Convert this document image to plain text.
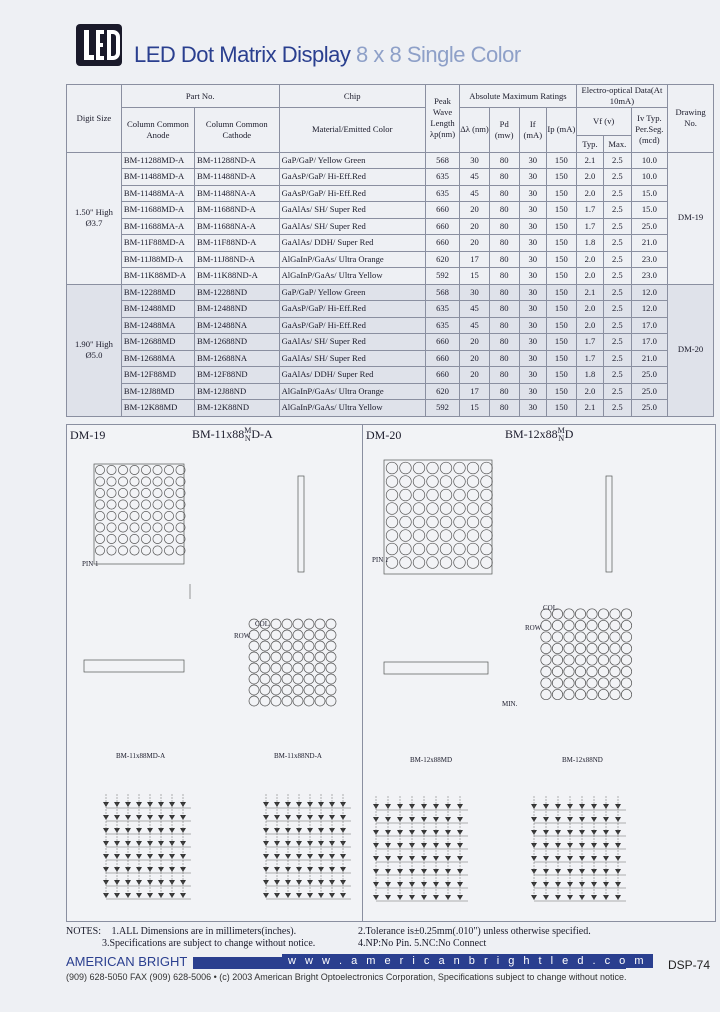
LED Dot Matrix Display 8 x 8 Single Color
Digit Size	Part No.		Chip	Peak Wave Length λp(nm)	Absolute Maximum Ratings				Electro-optical Data(At 10mA)			Drawing No.
	Column Common Anode	Column Common Cathode	Material/Emitted Color		Δλ (nm)	Pd (mw)	If (mA)	Ip (mA)	Vf (v)		Iv Typ. Per.Seg. (mcd)	
									Typ.	Max.		
1.50" High Ø3.7	BM-11288MD-A	BM-11288ND-A	GaP/GaP/ Yellow Green	568	30	80	30	150	2.1	2.5	10.0	DM-19
	BM-11488MD-A	BM-11488ND-A	GaAsP/GaP/ Hi-Eff.Red	635	45	80	30	150	2.0	2.5	10.0	
	BM-11488MA-A	BM-11488NA-A	GaAsP/GaP/ Hi-Eff.Red	635	45	80	30	150	2.0	2.5	15.0	
	BM-11688MD-A	BM-11688ND-A	GaAlAs/ SH/ Super Red	660	20	80	30	150	1.7	2.5	15.0	
	BM-11688MA-A	BM-11688NA-A	GaAlAs/ SH/ Super Red	660	20	80	30	150	1.7	2.5	25.0	
	BM-11F88MD-A	BM-11F88ND-A	GaAlAs/ DDH/ Super Red	660	20	80	30	150	1.8	2.5	21.0	
	BM-11J88MD-A	BM-11J88ND-A	AlGaInP/GaAs/ Ultra Orange	620	17	80	30	150	2.0	2.5	23.0	
	BM-11K88MD-A	BM-11K88ND-A	AlGaInP/GaAs/ Ultra Yellow	592	15	80	30	150	2.0	2.5	23.0	
1.90" High Ø5.0	BM-12288MD	BM-12288ND	GaP/GaP/ Yellow Green	568	30	80	30	150	2.1	2.5	12.0	DM-20
	BM-12488MD	BM-12488ND	GaAsP/GaP/ Hi-Eff.Red	635	45	80	30	150	2.0	2.5	12.0	
	BM-12488MA	BM-12488NA	GaAsP/GaP/ Hi-Eff.Red	635	45	80	30	150	2.0	2.5	17.0	
	BM-12688MD	BM-12688ND	GaAlAs/ SH/ Super Red	660	20	80	30	150	1.7	2.5	17.0	
	BM-12688MA	BM-12688NA	GaAlAs/ SH/ Super Red	660	20	80	30	150	1.7	2.5	21.0	
	BM-12F88MD	BM-12F88ND	GaAlAs/ DDH/ Super Red	660	20	80	30	150	1.8	2.5	25.0	
	BM-12J88MD	BM-12J88ND	AlGaInP/GaAs/ Ultra Orange	620	17	80	30	150	2.0	2.5	25.0	
	BM-12K88MD	BM-12K88ND	AlGaInP/GaAs/ Ultra Yellow	592	15	80	30	150	2.1	2.5	25.0	
DM-19	BM-11x88M
ND-A	DM-20	BM-12x88M
ND
COL.
COL.
ROW
ROW
PIN 1	PIN 1
MIN.
BM-11x88MD-A	BM-11x88ND-A	BM-12x88MD	BM-12x88ND
NOTES: 1.ALL Dimensions are in millimeters(inches).	2.Tolerance is±0.25mm(.010") unless otherwise specified.
3.Specifications are subject to change without notice.	4.NP:No Pin. 5.NC:No Connect
AMERICAN BRIGHT	w w w . a m e r i c a n b r i g h t l e d . c o m
(909) 628-5050 FAX (909) 628-5006 • (c) 2003 American Bright Optoelectronics Corporation, Specifications subject to change without notice.
DSP-74
